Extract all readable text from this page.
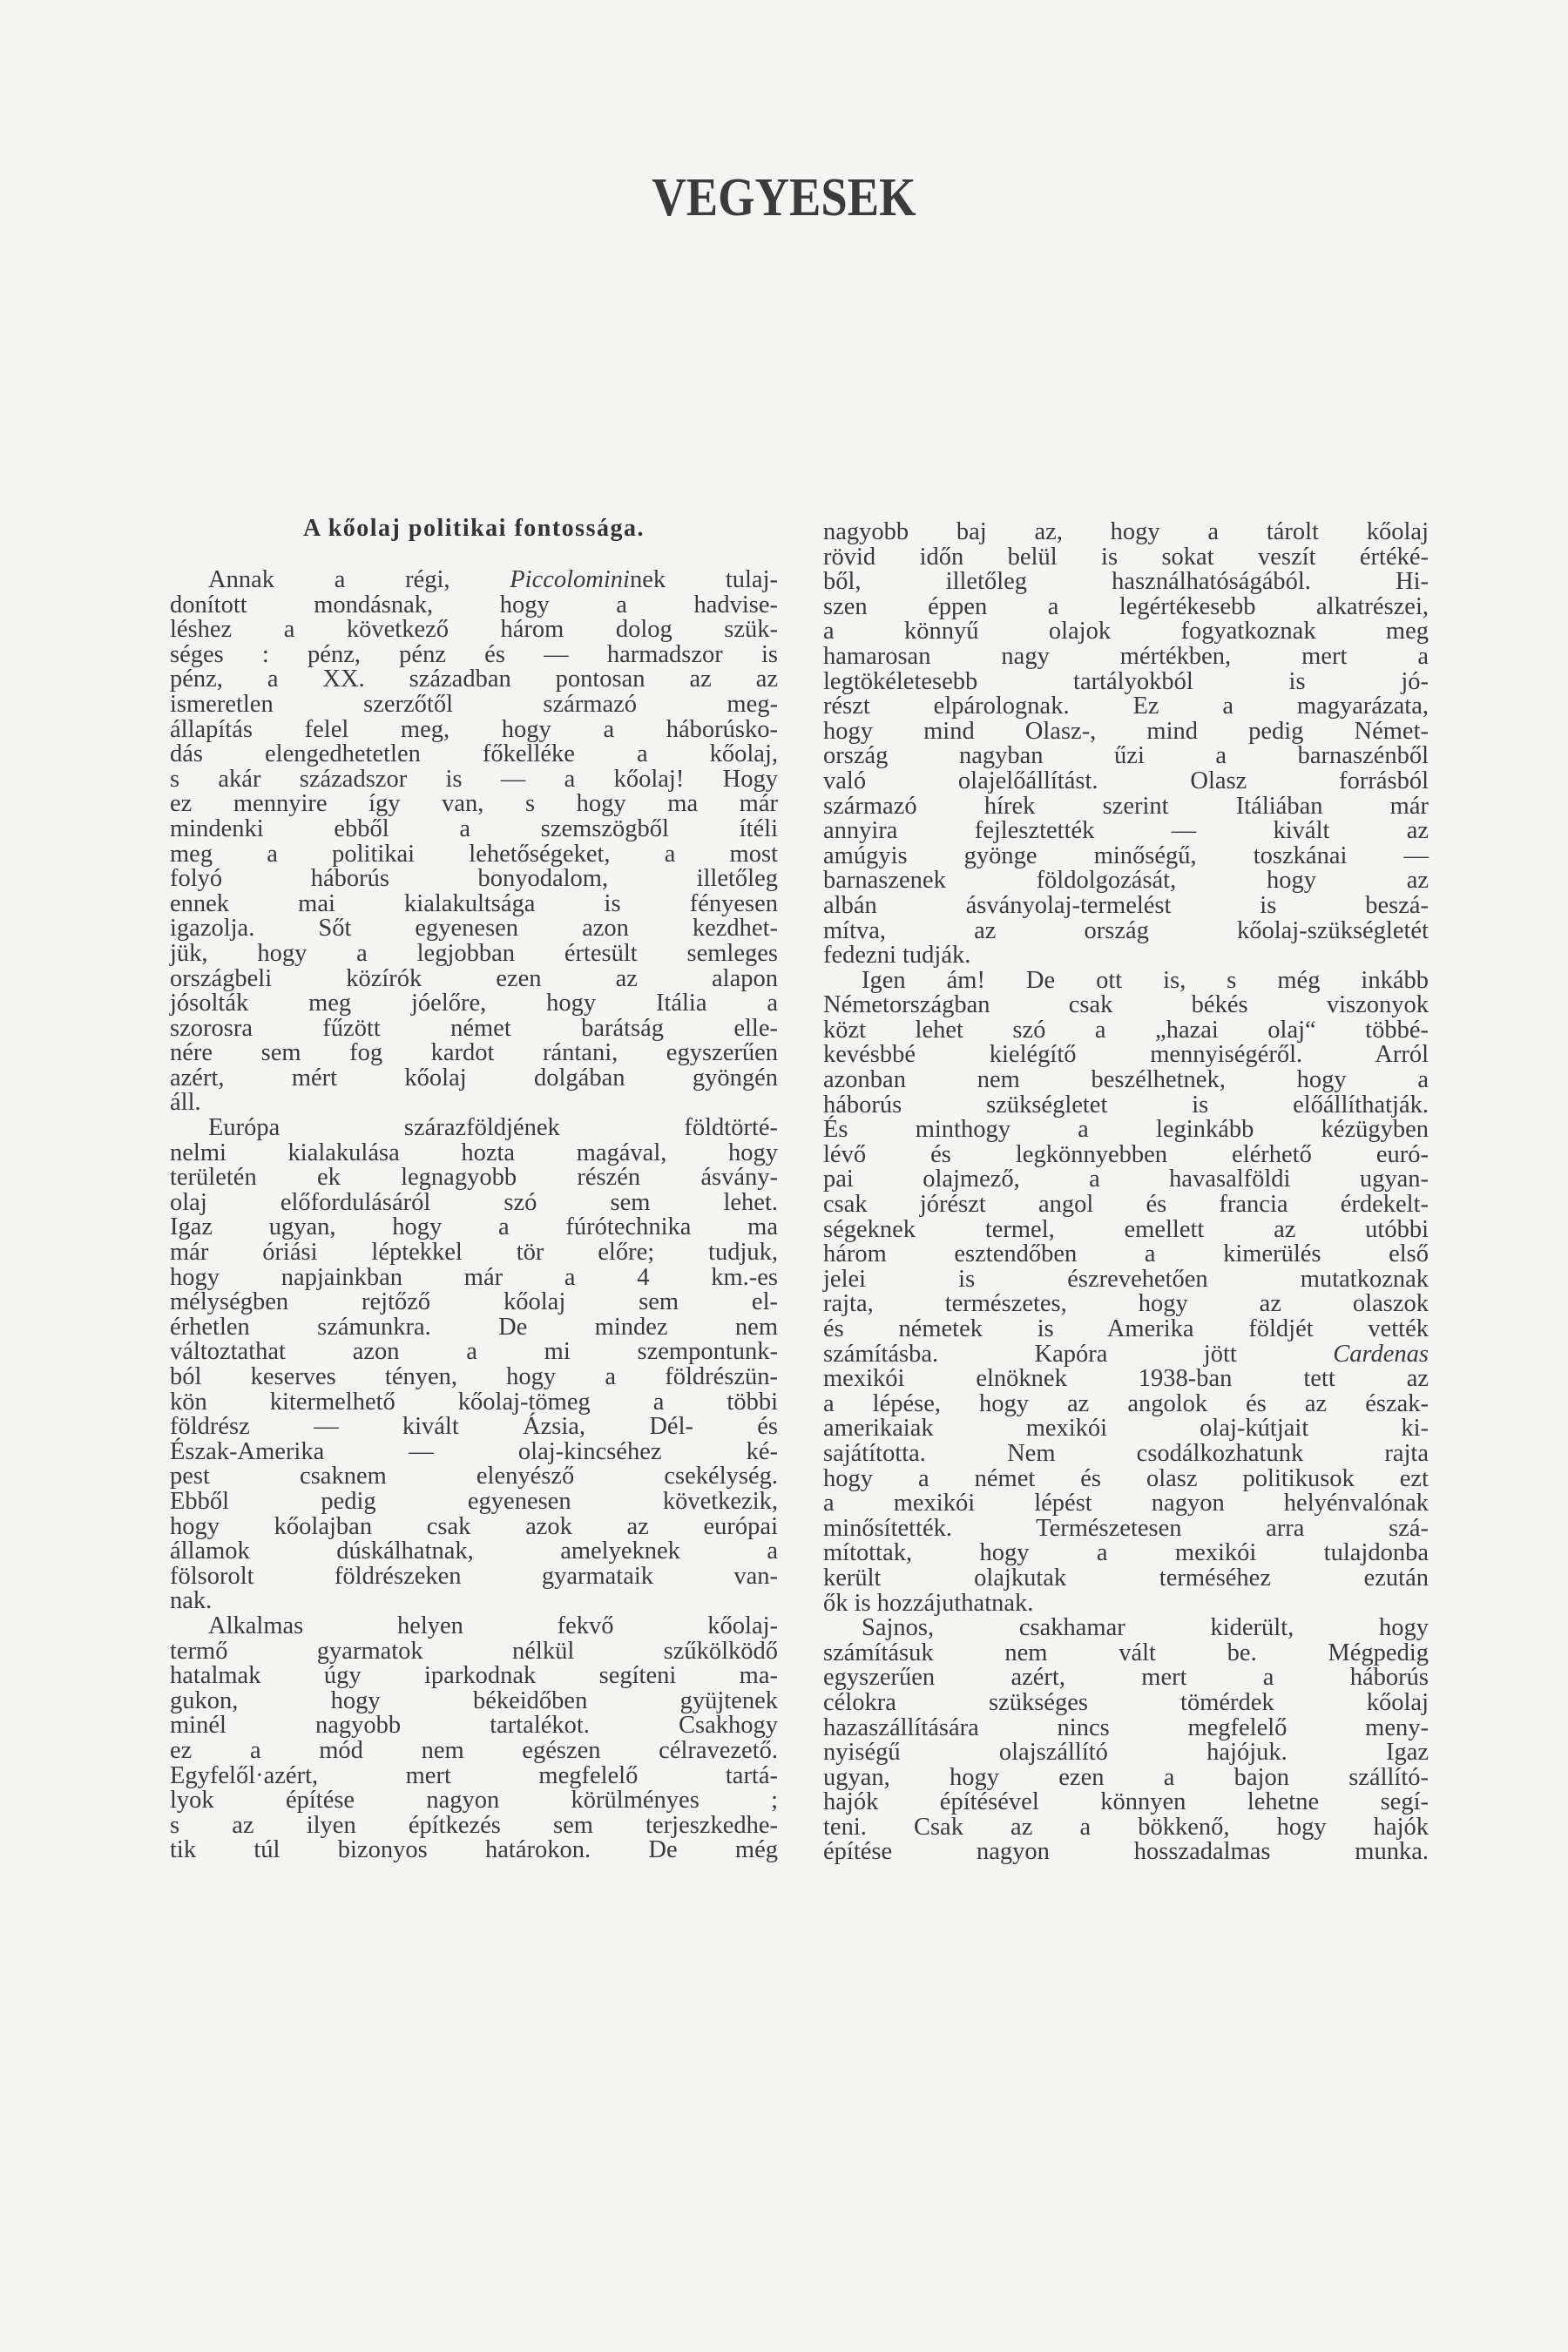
VEGYESEK
A kőolaj politikai fontossága.
Annak a régi, Piccolomininek tulaj-
donított mondásnak, hogy a hadvise-
léshez a következő három dolog szük-
séges : pénz, pénz és — harmadszor is
pénz, a XX. században pontosan az az
ismeretlen szerzőtől származó meg-
állapítás felel meg, hogy a háborúsko-
dás elengedhetetlen főkelléke a kőolaj,
s akár századszor is — a kőolaj! Hogy
ez mennyire így van, s hogy ma már
mindenki ebből a szemszögből ítéli
meg a politikai lehetőségeket, a most
folyó háborús bonyodalom, illetőleg
ennek mai kialakultsága is fényesen
igazolja. Sőt egyenesen azon kezdhet-
jük, hogy a legjobban értesült semleges
országbeli közírók ezen az alapon
jósolták meg jóelőre, hogy Itália a
szorosra fűzött német barátság elle-
nére sem fog kardot rántani, egyszerűen
azért, mért kőolaj dolgában gyöngén
áll.
Európa szárazföldjének földtörté-
nelmi kialakulása hozta magával, hogy
területén ek legnagyobb részén ásvány-
olaj előfordulásáról szó sem lehet.
Igaz ugyan, hogy a fúrótechnika ma
már óriási léptekkel tör előre; tudjuk,
hogy napjainkban már a 4 km.-es
mélységben rejtőző kőolaj sem el-
érhetlen számunkra. De mindez nem
változtathat azon a mi szempontunk-
ból keserves tényen, hogy a földrészün-
kön kitermelhető kőolaj-tömeg a többi
földrész — kivált Ázsia, Dél- és
Észak-Amerika — olaj-kincséhez ké-
pest csaknem elenyésző csekélység.
Ebből pedig egyenesen következik,
hogy kőolajban csak azok az európai
államok dúskálhatnak, amelyeknek a
fölsorolt földrészeken gyarmataik van-
nak.
Alkalmas helyen fekvő kőolaj-
termő gyarmatok nélkül szűkölködő
hatalmak úgy iparkodnak segíteni ma-
gukon, hogy békeidőben gyüjtenek
minél nagyobb tartalékot. Csakhogy
ez a mód nem egészen célravezető.
Egyfelől·azért, mert megfelelő tartá-
lyok építése nagyon körülményes ;
s az ilyen építkezés sem terjeszkedhe-
tik túl bizonyos határokon. De még
nagyobb baj az, hogy a tárolt kőolaj
rövid időn belül is sokat veszít értéké-
ből, illetőleg használhatóságából. Hi-
szen éppen a legértékesebb alkatrészei,
a könnyű olajok fogyatkoznak meg
hamarosan nagy mértékben, mert a
legtökéletesebb tartályokból is jó-
részt elpárolognak. Ez a magyarázata,
hogy mind Olasz-, mind pedig Német-
ország nagyban űzi a barnaszénből
való olajelőállítást. Olasz forrásból
származó hírek szerint Itáliában már
annyira fejlesztették — kivált az
amúgyis gyönge minőségű, toszkánai —
barnaszenek földolgozását, hogy az
albán ásványolaj-termelést is beszá-
mítva, az ország kőolaj-szükségletét
fedezni tudják.
Igen ám! De ott is, s még inkább
Németországban csak békés viszonyok
közt lehet szó a „hazai olaj“ többé-
kevésbbé kielégítő mennyiségéről. Arról
azonban nem beszélhetnek, hogy a
háborús szükségletet is előállíthatják.
És minthogy a leginkább kézügyben
lévő és legkönnyebben elérhető euró-
pai olajmező, a havasalföldi ugyan-
csak jórészt angol és francia érdekelt-
ségeknek termel, emellett az utóbbi
három esztendőben a kimerülés első
jelei is észrevehetően mutatkoznak
rajta, természetes, hogy az olaszok
és németek is Amerika földjét vették
számításba. Kapóra jött Cardenas
mexikói elnöknek 1938-ban tett az
a lépése, hogy az angolok és az észak-
amerikaiak mexikói olaj-kútjait ki-
sajátította. Nem csodálkozhatunk rajta
hogy a német és olasz politikusok ezt
a mexikói lépést nagyon helyénvalónak
minősítették. Természetesen arra szá-
mítottak, hogy a mexikói tulajdonba
került olajkutak terméséhez ezután
ők is hozzájuthatnak.
Sajnos, csakhamar kiderült, hogy
számításuk nem vált be. Mégpedig
egyszerűen azért, mert a háborús
célokra szükséges tömérdek kőolaj
hazaszállítására nincs megfelelő meny-
nyiségű olajszállító hajójuk. Igaz
ugyan, hogy ezen a bajon szállító-
hajók építésével könnyen lehetne segí-
teni. Csak az a bökkenő, hogy hajók
építése nagyon hosszadalmas munka.
